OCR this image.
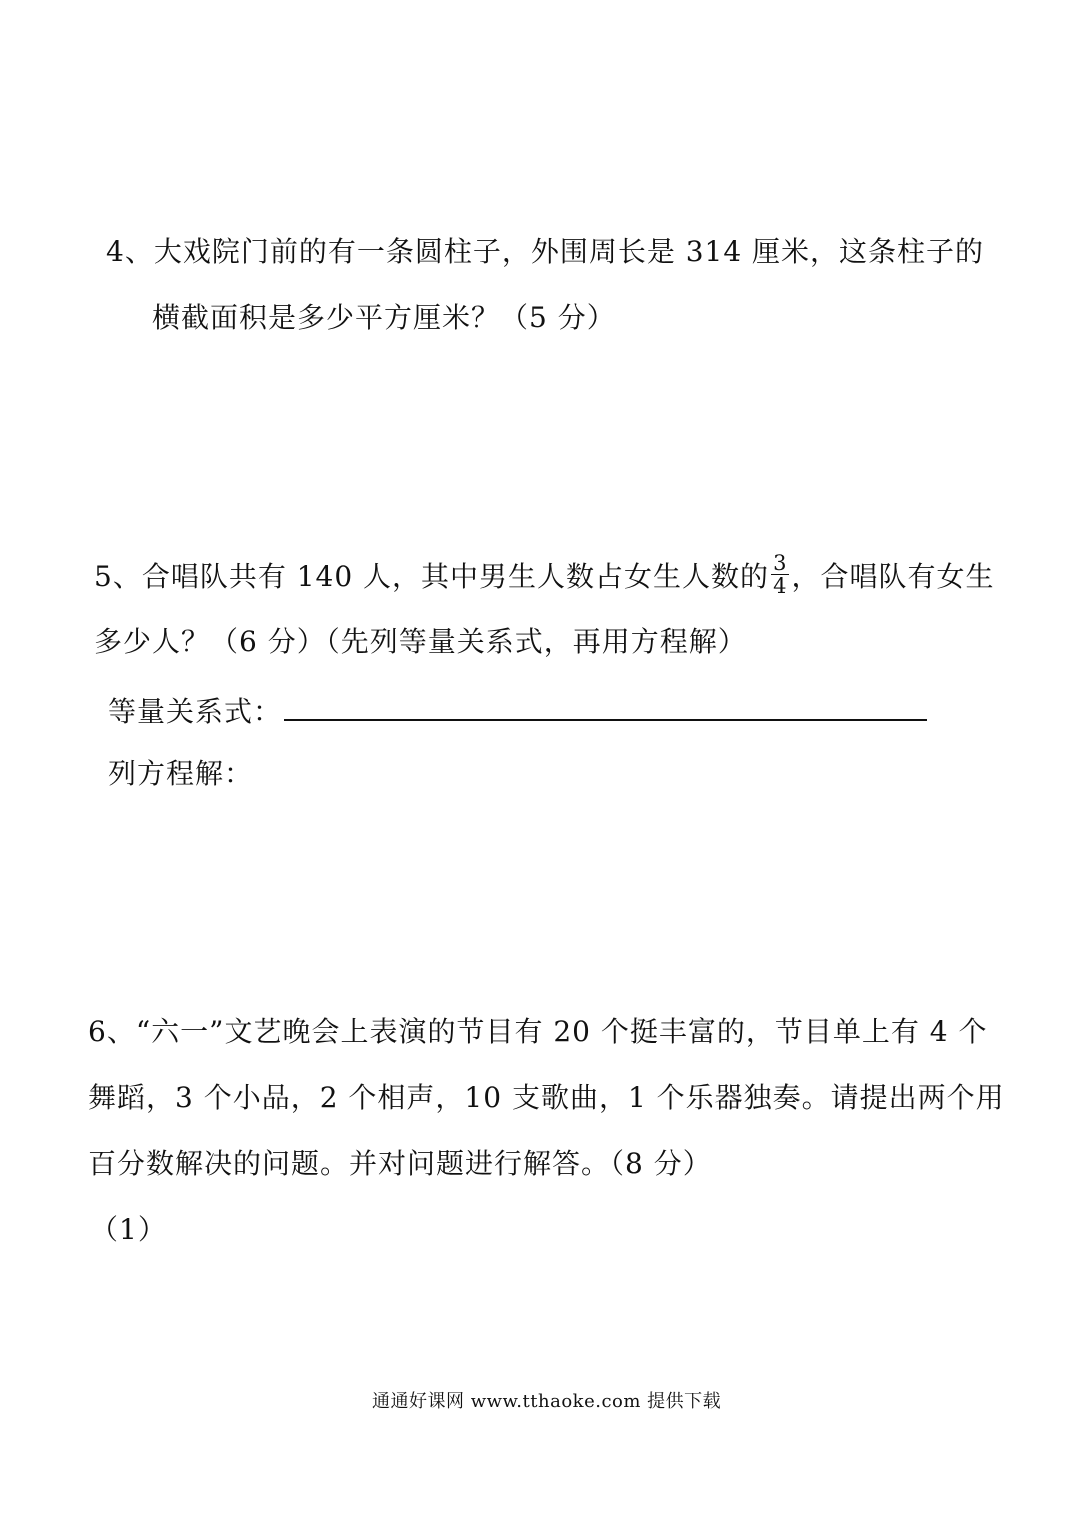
4、大戏院门前的有一条圆柱子，外围周长是 314 厘米，这条柱子的
横截面积是多少平方厘米？（5 分）
5、合唱队共有 140 人，其中男生人数占女生人数的 $\frac{3}{4}$ ，合唱队有女生
多少人？（6 分）（先列等量关系式，再用方程解）
等量关系式：
列方程解：
6、“六一”文艺晚会上表演的节目有 20 个挺丰富的，节目单上有 4 个
舞蹈，3 个小品，2 个相声，10 支歌曲，1 个乐器独奏。请提出两个用
百分数解决的问题。并对问题进行解答。（8 分）
（1）
通通好课网 www.tthaoke.com 提供下载
